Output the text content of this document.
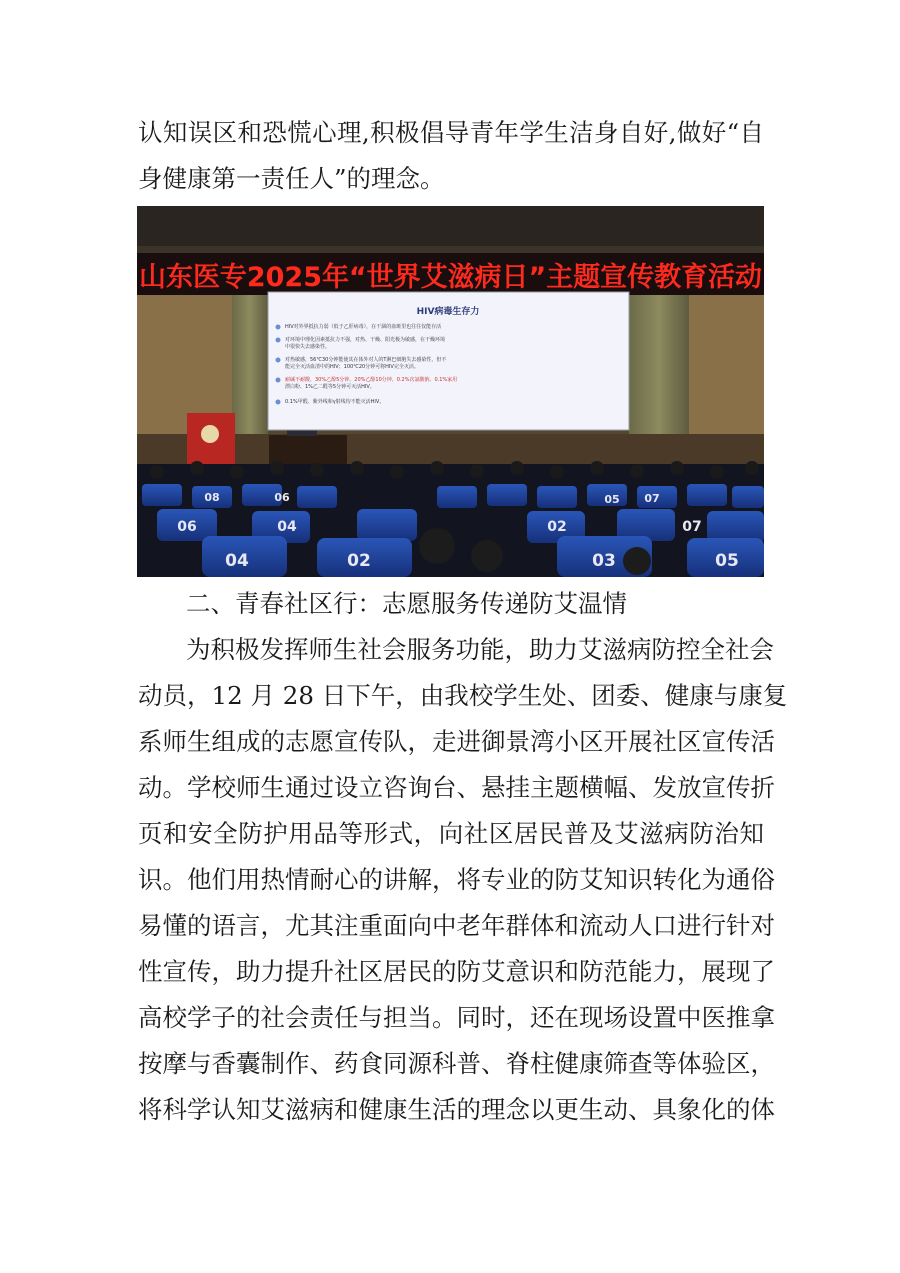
认知误区和恐慌心理,积极倡导青年学生洁身自好,做好“自
身健康第一责任人”的理念。
08
06
06
04
04	02
02
03
05
05
07
07
山东医专2025年“世界艾滋病日”主题宣传教育活动
HIV病毒生存力
HIV对外界抵抗力弱（低于乙肝病毒），在干涸的血斑里也往往仅能存活
对环境中理化因素抵抗力不强，对热、干燥、阳光极为敏感，在干燥环境
中很快失去感染性。
对热敏感，56℃30分钟能使其在体外对人的T淋巴细胞失去感染性，但不
能完全灭活血清中的HIV；100℃20分钟可将HIV完全灭活。
耐碱不耐酸，30%乙醇5分钟、20%乙醇10分钟、0.2%次氯酸钠、0.1%家用
漂白粉、1%乙二醛等5分钟可灭活HIV。
0.1%甲醛、紫外线和γ射线均不能灭活HIV。
二、青春社区行：志愿服务传递防艾温情
为积极发挥师生社会服务功能，助力艾滋病防控全社会
动员，12 月 28 日下午，由我校学生处、团委、健康与康复
系师生组成的志愿宣传队，走进御景湾小区开展社区宣传活
动。学校师生通过设立咨询台、悬挂主题横幅、发放宣传折
页和安全防护用品等形式，向社区居民普及艾滋病防治知
识。他们用热情耐心的讲解，将专业的防艾知识转化为通俗
易懂的语言，尤其注重面向中老年群体和流动人口进行针对
性宣传，助力提升社区居民的防艾意识和防范能力，展现了
高校学子的社会责任与担当。同时，还在现场设置中医推拿
按摩与香囊制作、药食同源科普、脊柱健康筛查等体验区，
将科学认知艾滋病和健康生活的理念以更生动、具象化的体
